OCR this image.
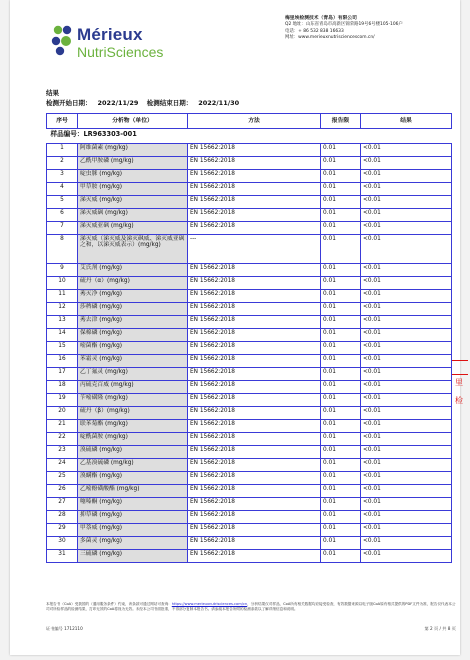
Mérieux
NutriSciences
梅里埃检测技术（青岛）有限公司
Q2 地址：山东省青岛市高新区锦荣路19号6号楼105-106户
电话：+ 86 532 838 16633
网址：www.merieuxnutrisciencescom.cn/
结果
检测开始日期： 2022/11/29 检测结束日期： 2022/11/30
序号	分析物（单位）	方法	报告限	结果
样品编号：LR963303-001				
1	阿维菌素 (mg/kg)	EN 15662:2018	0.01	<0.01
2	乙酰甲胺磷 (mg/kg)	EN 15662:2018	0.01	<0.01
3	啶虫脒 (mg/kg)	EN 15662:2018	0.01	<0.01
4	甲草胺 (mg/kg)	EN 15662:2018	0.01	<0.01
5	涕灭威 (mg/kg)	EN 15662:2018	0.01	<0.01
6	涕灭威砜 (mg/kg)	EN 15662:2018	0.01	<0.01
7	涕灭威亚砜 (mg/kg)	EN 15662:2018	0.01	<0.01
8	涕灭威（涕灭威及涕灭砜威、涕灭威亚砜之和，以涕灭威表示）(mg/kg)	---	0.01	<0.01
9	艾氏剂 (mg/kg)	EN 15662:2018	0.01	<0.01
10	硫丹（α）(mg/kg)	EN 15662:2018	0.01	<0.01
11	莠灭净 (mg/kg)	EN 15662:2018	0.01	<0.01
12	莎稗磷 (mg/kg)	EN 15662:2018	0.01	<0.01
13	莠去津 (mg/kg)	EN 15662:2018	0.01	<0.01
14	保棉磷 (mg/kg)	EN 15662:2018	0.01	<0.01
15	嘧菌酯 (mg/kg)	EN 15662:2018	0.01	<0.01
16	苯霜灵 (mg/kg)	EN 15662:2018	0.01	<0.01
17	乙丁氟灵 (mg/kg)	EN 15662:2018	0.01	<0.01
18	丙硫克百威 (mg/kg)	EN 15662:2018	0.01	<0.01
19	苄嘧磺隆 (mg/kg)	EN 15662:2018	0.01	<0.01
20	硫丹（β）(mg/kg)	EN 15662:2018	0.01	<0.01
21	联苯菊酯 (mg/kg)	EN 15662:2018	0.01	<0.01
22	啶酰菌胺 (mg/kg)	EN 15662:2018	0.01	<0.01
23	溴硫磷 (mg/kg)	EN 15662:2018	0.01	<0.01
24	乙基溴硫磷 (mg/kg)	EN 15662:2018	0.01	<0.01
25	溴螨酯 (mg/kg)	EN 15662:2018	0.01	<0.01
26	乙嘧酚磺酸酯 (mg/kg)	EN 15662:2018	0.01	<0.01
27	噻嗪酮 (mg/kg)	EN 15662:2018	0.01	<0.01
28	抑草磷 (mg/kg)	EN 15662:2018	0.01	<0.01
29	甲萘威 (mg/kg)	EN 15662:2018	0.01	<0.01
30	多菌灵 (mg/kg)	EN 15662:2018	0.01	<0.01
31	三硫磷 (mg/kg)	EN 15662:2018	0.01	<0.01
本报告书（CoA）受我国的（通用服务条件）约束，该条款可通过网站可查询：https://www.merieuxnutrisciences.com/cn，分析结果仅对样品，CoA所有相关数据均应接受检查，有效数据来源以电子版CoA原有格式提供的PDF文件为准，报告仅代表本公司对所检样品的检测结果，打印无效的CoA将视为无效。未经本公司书面批准，不得部分复制本报告书。请参阅本报告所附的检测条款以了解详细信息和说明。
证书编号 1712110	第 2 页 / 共 8 页
里
检
